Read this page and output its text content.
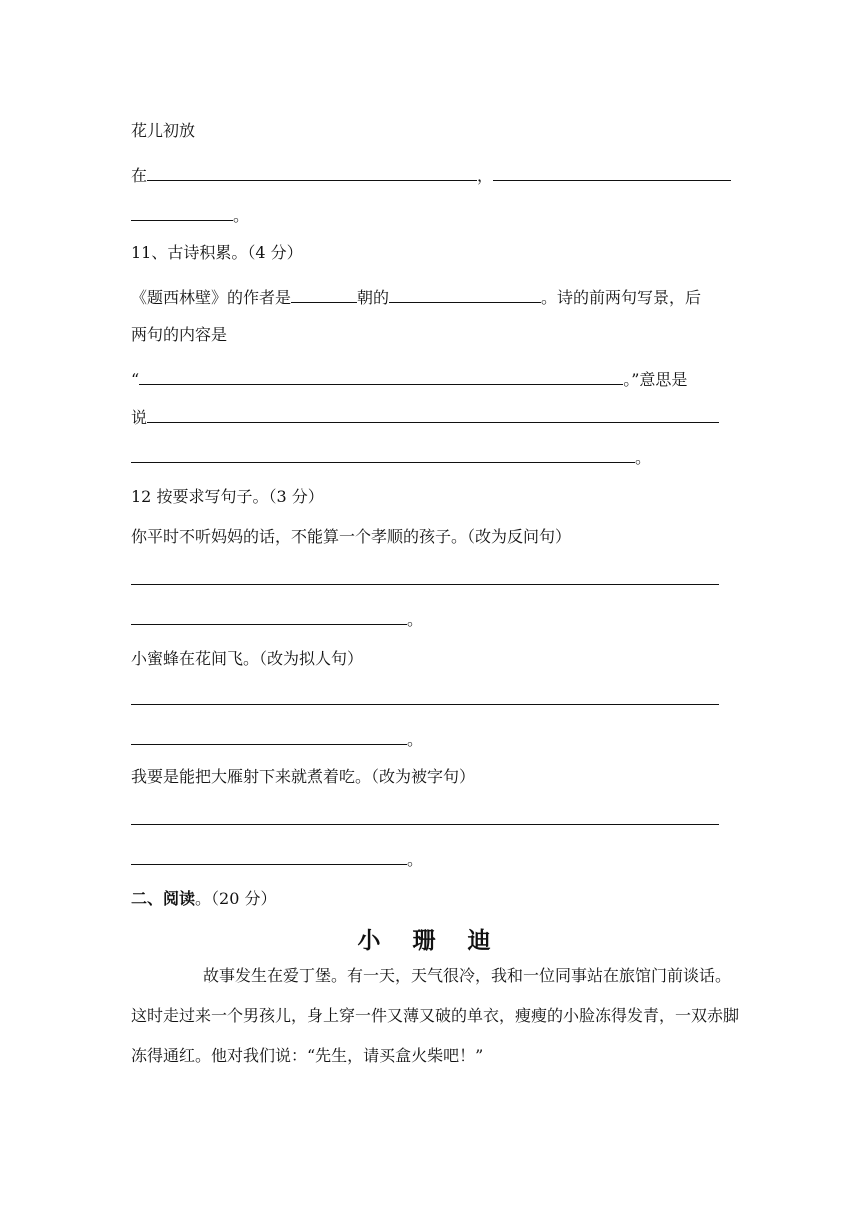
花儿初放
在	，
。
11、古诗积累。（4 分）
《题西林壁》的作者是	朝的	。诗的前两句写景，后
两句的内容是
“	。”意思是
说
。
12 按要求写句子。（3 分）
你平时不听妈妈的话，不能算一个孝顺的孩子。（改为反问句）
。
小蜜蜂在花间飞。（改为拟人句）
。
我要是能把大雁射下来就煮着吃。（改为被字句）
。
二、阅读。（20 分）
小 珊 迪
故事发生在爱丁堡。有一天，天气很冷，我和一位同事站在旅馆门前谈话。这时走过来一个男孩儿，身上穿一件又薄又破的单衣，瘦瘦的小脸冻得发青，一双赤脚冻得通红。他对我们说：“先生，请买盒火柴吧！”
